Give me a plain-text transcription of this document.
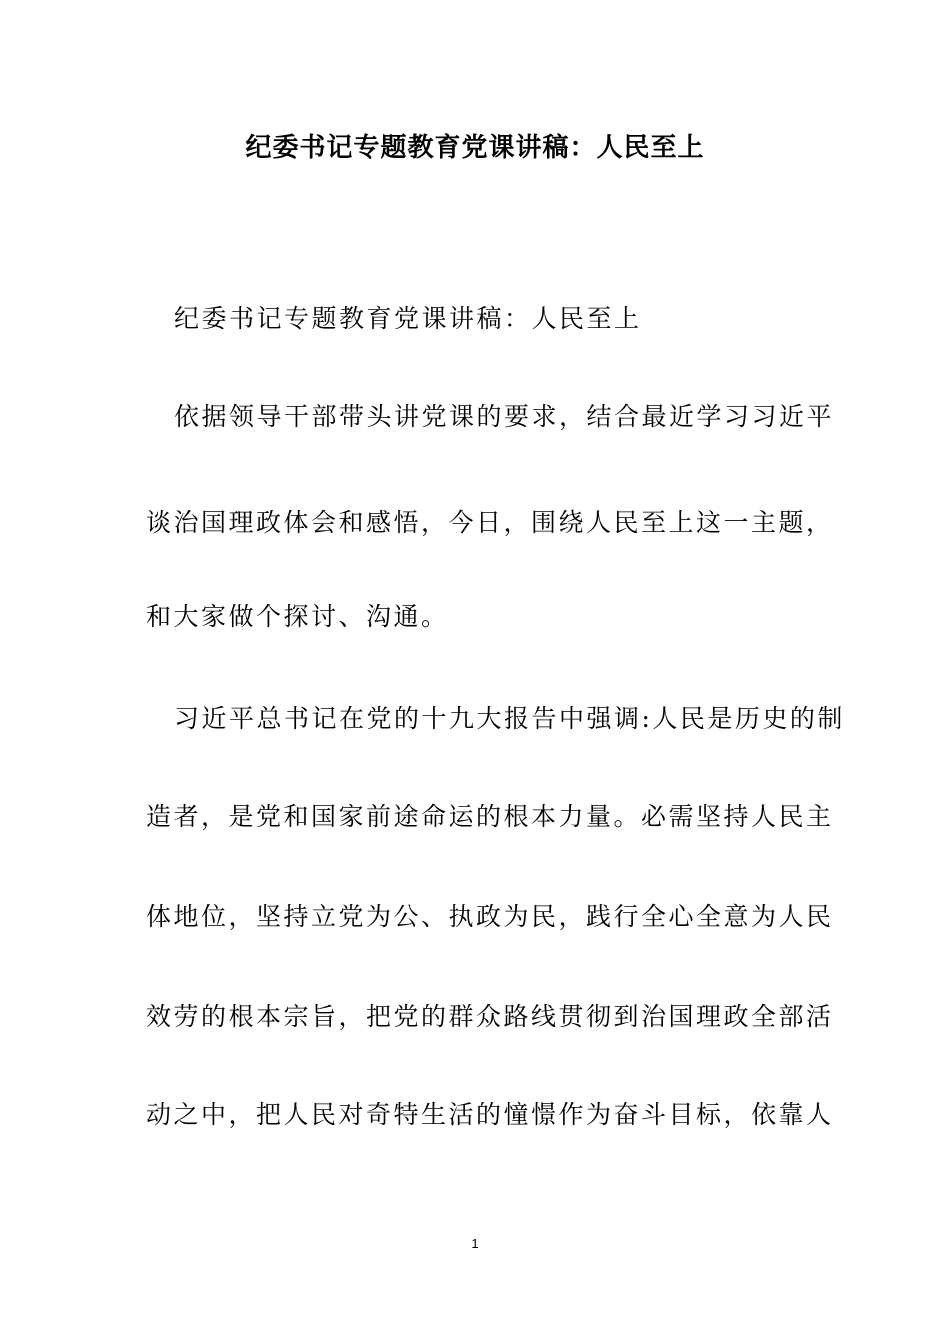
纪委书记专题教育党课讲稿：人民至上

纪委书记专题教育党课讲稿：人民至上

依据领导干部带头讲党课的要求，结合最近学习习近平

谈治国理政体会和感悟，今日，围绕人民至上这一主题，

和大家做个探讨、沟通。

习近平总书记在党的十九大报告中强调:人民是历史的制

造者，是党和国家前途命运的根本力量。必需坚持人民主

体地位，坚持立党为公、执政为民，践行全心全意为人民

效劳的根本宗旨，把党的群众路线贯彻到治国理政全部活

动之中，把人民对奇特生活的憧憬作为奋斗目标，依靠人

1
